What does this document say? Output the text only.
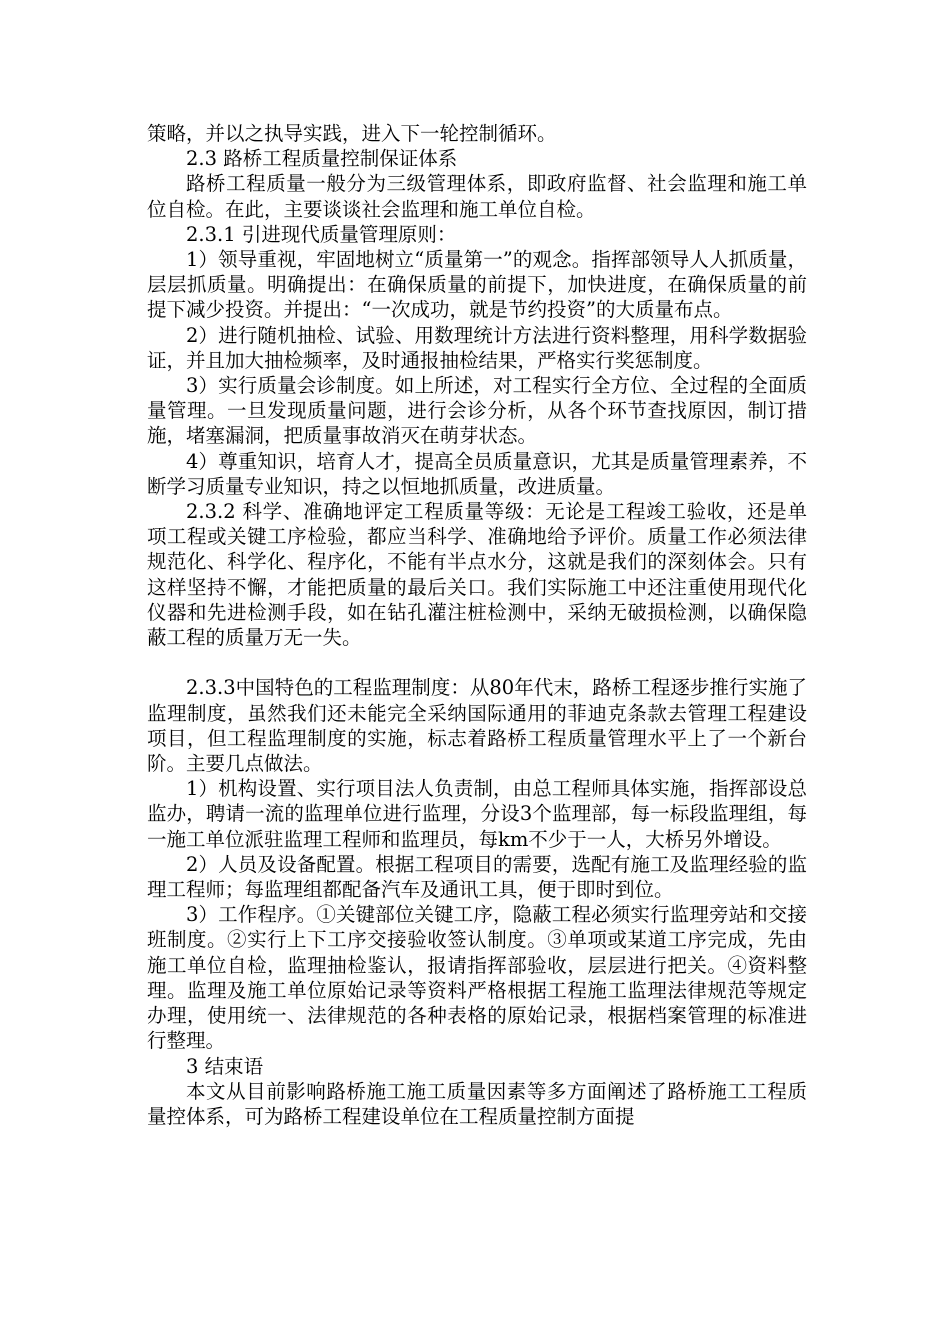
策略，并以之执导实践，进入下一轮控制循环。

2.3 路桥工程质量控制保证体系

路桥工程质量一般分为三级管理体系，即政府监督、社会监理和施工单位自检。在此，主要谈谈社会监理和施工单位自检。

2.3.1 引进现代质量管理原则：

1）领导重视，牢固地树立“质量第一”的观念。指挥部领导人人抓质量，层层抓质量。明确提出：在确保质量的前提下，加快进度，在确保质量的前提下减少投资。并提出：“一次成功，就是节约投资”的大质量布点。

2）进行随机抽检、试验、用数理统计方法进行资料整理，用科学数据验证，并且加大抽检频率，及时通报抽检结果，严格实行奖惩制度。

3）实行质量会诊制度。如上所述，对工程实行全方位、全过程的全面质量管理。一旦发现质量问题，进行会诊分析，从各个环节查找原因，制订措施，堵塞漏洞，把质量事故消灭在萌芽状态。

4）尊重知识，培育人才，提高全员质量意识，尤其是质量管理素养，不断学习质量专业知识，持之以恒地抓质量，改进质量。

2.3.2 科学、准确地评定工程质量等级：无论是工程竣工验收，还是单项工程或关键工序检验，都应当科学、准确地给予评价。质量工作必须法律规范化、科学化、程序化，不能有半点水分，这就是我们的深刻体会。只有这样坚持不懈，才能把质量的最后关口。我们实际施工中还注重使用现代化仪器和先进检测手段，如在钻孔灌注桩检测中，采纳无破损检测，以确保隐蔽工程的质量万无一失。

2.3.3中国特色的工程监理制度：从80年代末，路桥工程逐步推行实施了监理制度，虽然我们还未能完全采纳国际通用的菲迪克条款去管理工程建设项目，但工程监理制度的实施，标志着路桥工程质量管理水平上了一个新台阶。主要几点做法。

1）机构设置、实行项目法人负责制，由总工程师具体实施，指挥部设总监办，聘请一流的监理单位进行监理，分设3个监理部，每一标段监理组，每一施工单位派驻监理工程师和监理员，每km不少于一人，大桥另外增设。

2）人员及设备配置。根据工程项目的需要，选配有施工及监理经验的监理工程师；每监理组都配备汽车及通讯工具，便于即时到位。

3）工作程序。①关键部位关键工序，隐蔽工程必须实行监理旁站和交接班制度。②实行上下工序交接验收签认制度。③单项或某道工序完成，先由施工单位自检，监理抽检鉴认，报请指挥部验收，层层进行把关。④资料整理。监理及施工单位原始记录等资料严格根据工程施工监理法律规范等规定办理，使用统一、法律规范的各种表格的原始记录，根据档案管理的标准进行整理。

3 结束语

本文从目前影响路桥施工施工质量因素等多方面阐述了路桥施工工程质量控体系，可为路桥工程建设单位在工程质量控制方面提
